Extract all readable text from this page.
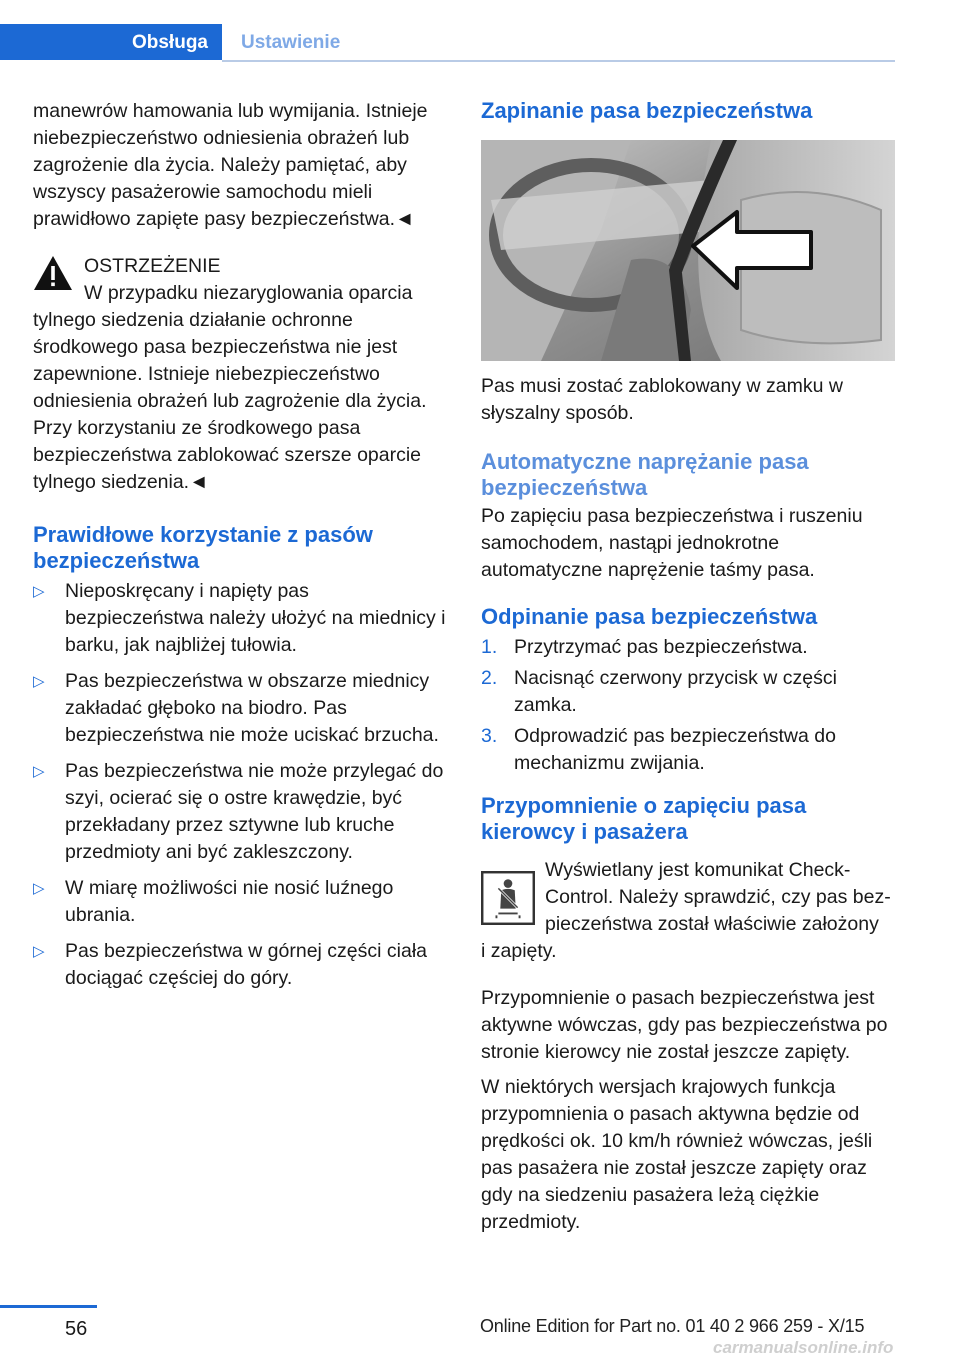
Obsługa	Ustawienie

manewrów hamowania lub wymijania. Istnieje niebezpieczeństwo odniesienia obrażeń lub zagrożenie dla życia. Należy pamiętać, aby wszyscy pasażerowie samochodu mieli prawidłowo zapięte pasy bezpieczeństwa.◄

OSTRZEŻENIE

W przypadku niezaryglowania oparcia

tylnego siedzenia działanie ochronne środkowego pasa bezpieczeństwa nie jest zapewnione. Istnieje niebezpieczeństwo odniesienia obrażeń lub zagrożenie dla życia. Przy korzystaniu ze środkowego pasa bezpieczeństwa zablokować szersze oparcie tylnego siedzenia.◄

Prawidłowe korzystanie z pasów bezpieczeństwa
▷ Nieposkręcany i napięty pas bezpieczeństwa należy ułożyć na miednicy i barku, jak najbliżej tułowia.
▷ Pas bezpieczeństwa w obszarze miednicy zakładać głęboko na biodro. Pas bezpieczeństwa nie może uciskać brzucha.
▷ Pas bezpieczeństwa nie może przylegać do szyi, ocierać się o ostre krawędzie, być przekładany przez sztywne lub kruche przedmioty ani być zakleszczony.
▷ W miarę możliwości nie nosić luźnego ubrania.
▷ Pas bezpieczeństwa w górnej części ciała dociągać częściej do góry.
Zapinanie pasa bezpieczeństwa

Pas musi zostać zablokowany w zamku w słyszalny sposób.

Automatyczne naprężanie pasa bezpieczeństwa

Po zapięciu pasa bezpieczeństwa i ruszeniu samochodem, nastąpi jednokrotne automatyczne naprężenie taśmy pasa.

Odpinanie pasa bezpieczeństwa
1. Przytrzymać pas bezpieczeństwa.
2. Nacisnąć czerwony przycisk w części zamka.
3. Odprowadzić pas bezpieczeństwa do mechanizmu zwijania.
Przypomnienie o zapięciu pasa kierowcy i pasażera

Wyświetlany jest komunikat Check-

Control. Należy sprawdzić, czy pas bez-

pieczeństwa został właściwie założony

i zapięty.

Przypomnienie o pasach bezpieczeństwa jest aktywne wówczas, gdy pas bezpieczeństwa po stronie kierowcy nie został jeszcze zapięty.

W niektórych wersjach krajowych funkcja przypomnienia o pasach aktywna będzie od prędkości ok. 10 km/h również wówczas, jeśli pas pasażera nie został jeszcze zapięty oraz gdy na siedzeniu pasażera leżą ciężkie przedmioty.

56	Online Edition for Part no. 01 40 2 966 259 - X/15
carmanualsonline.info
